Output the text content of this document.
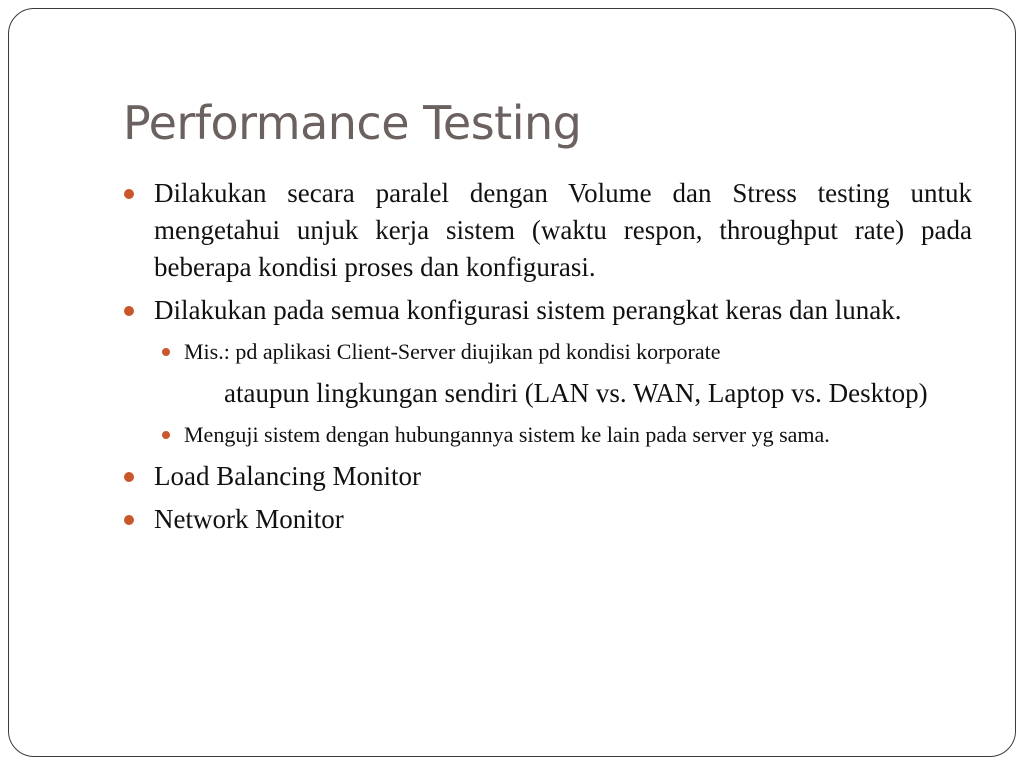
Performance Testing
Dilakukan secara paralel dengan Volume dan Stress testing untuk mengetahui unjuk kerja sistem (waktu respon, throughput rate) pada beberapa kondisi proses dan konfigurasi.
Dilakukan pada semua konfigurasi sistem perangkat keras dan lunak.
Mis.: pd aplikasi Client-Server diujikan pd kondisi korporate
ataupun lingkungan sendiri (LAN vs. WAN, Laptop vs. Desktop)
Menguji sistem dengan hubungannya sistem ke lain pada server yg sama.
Load Balancing Monitor
Network Monitor
